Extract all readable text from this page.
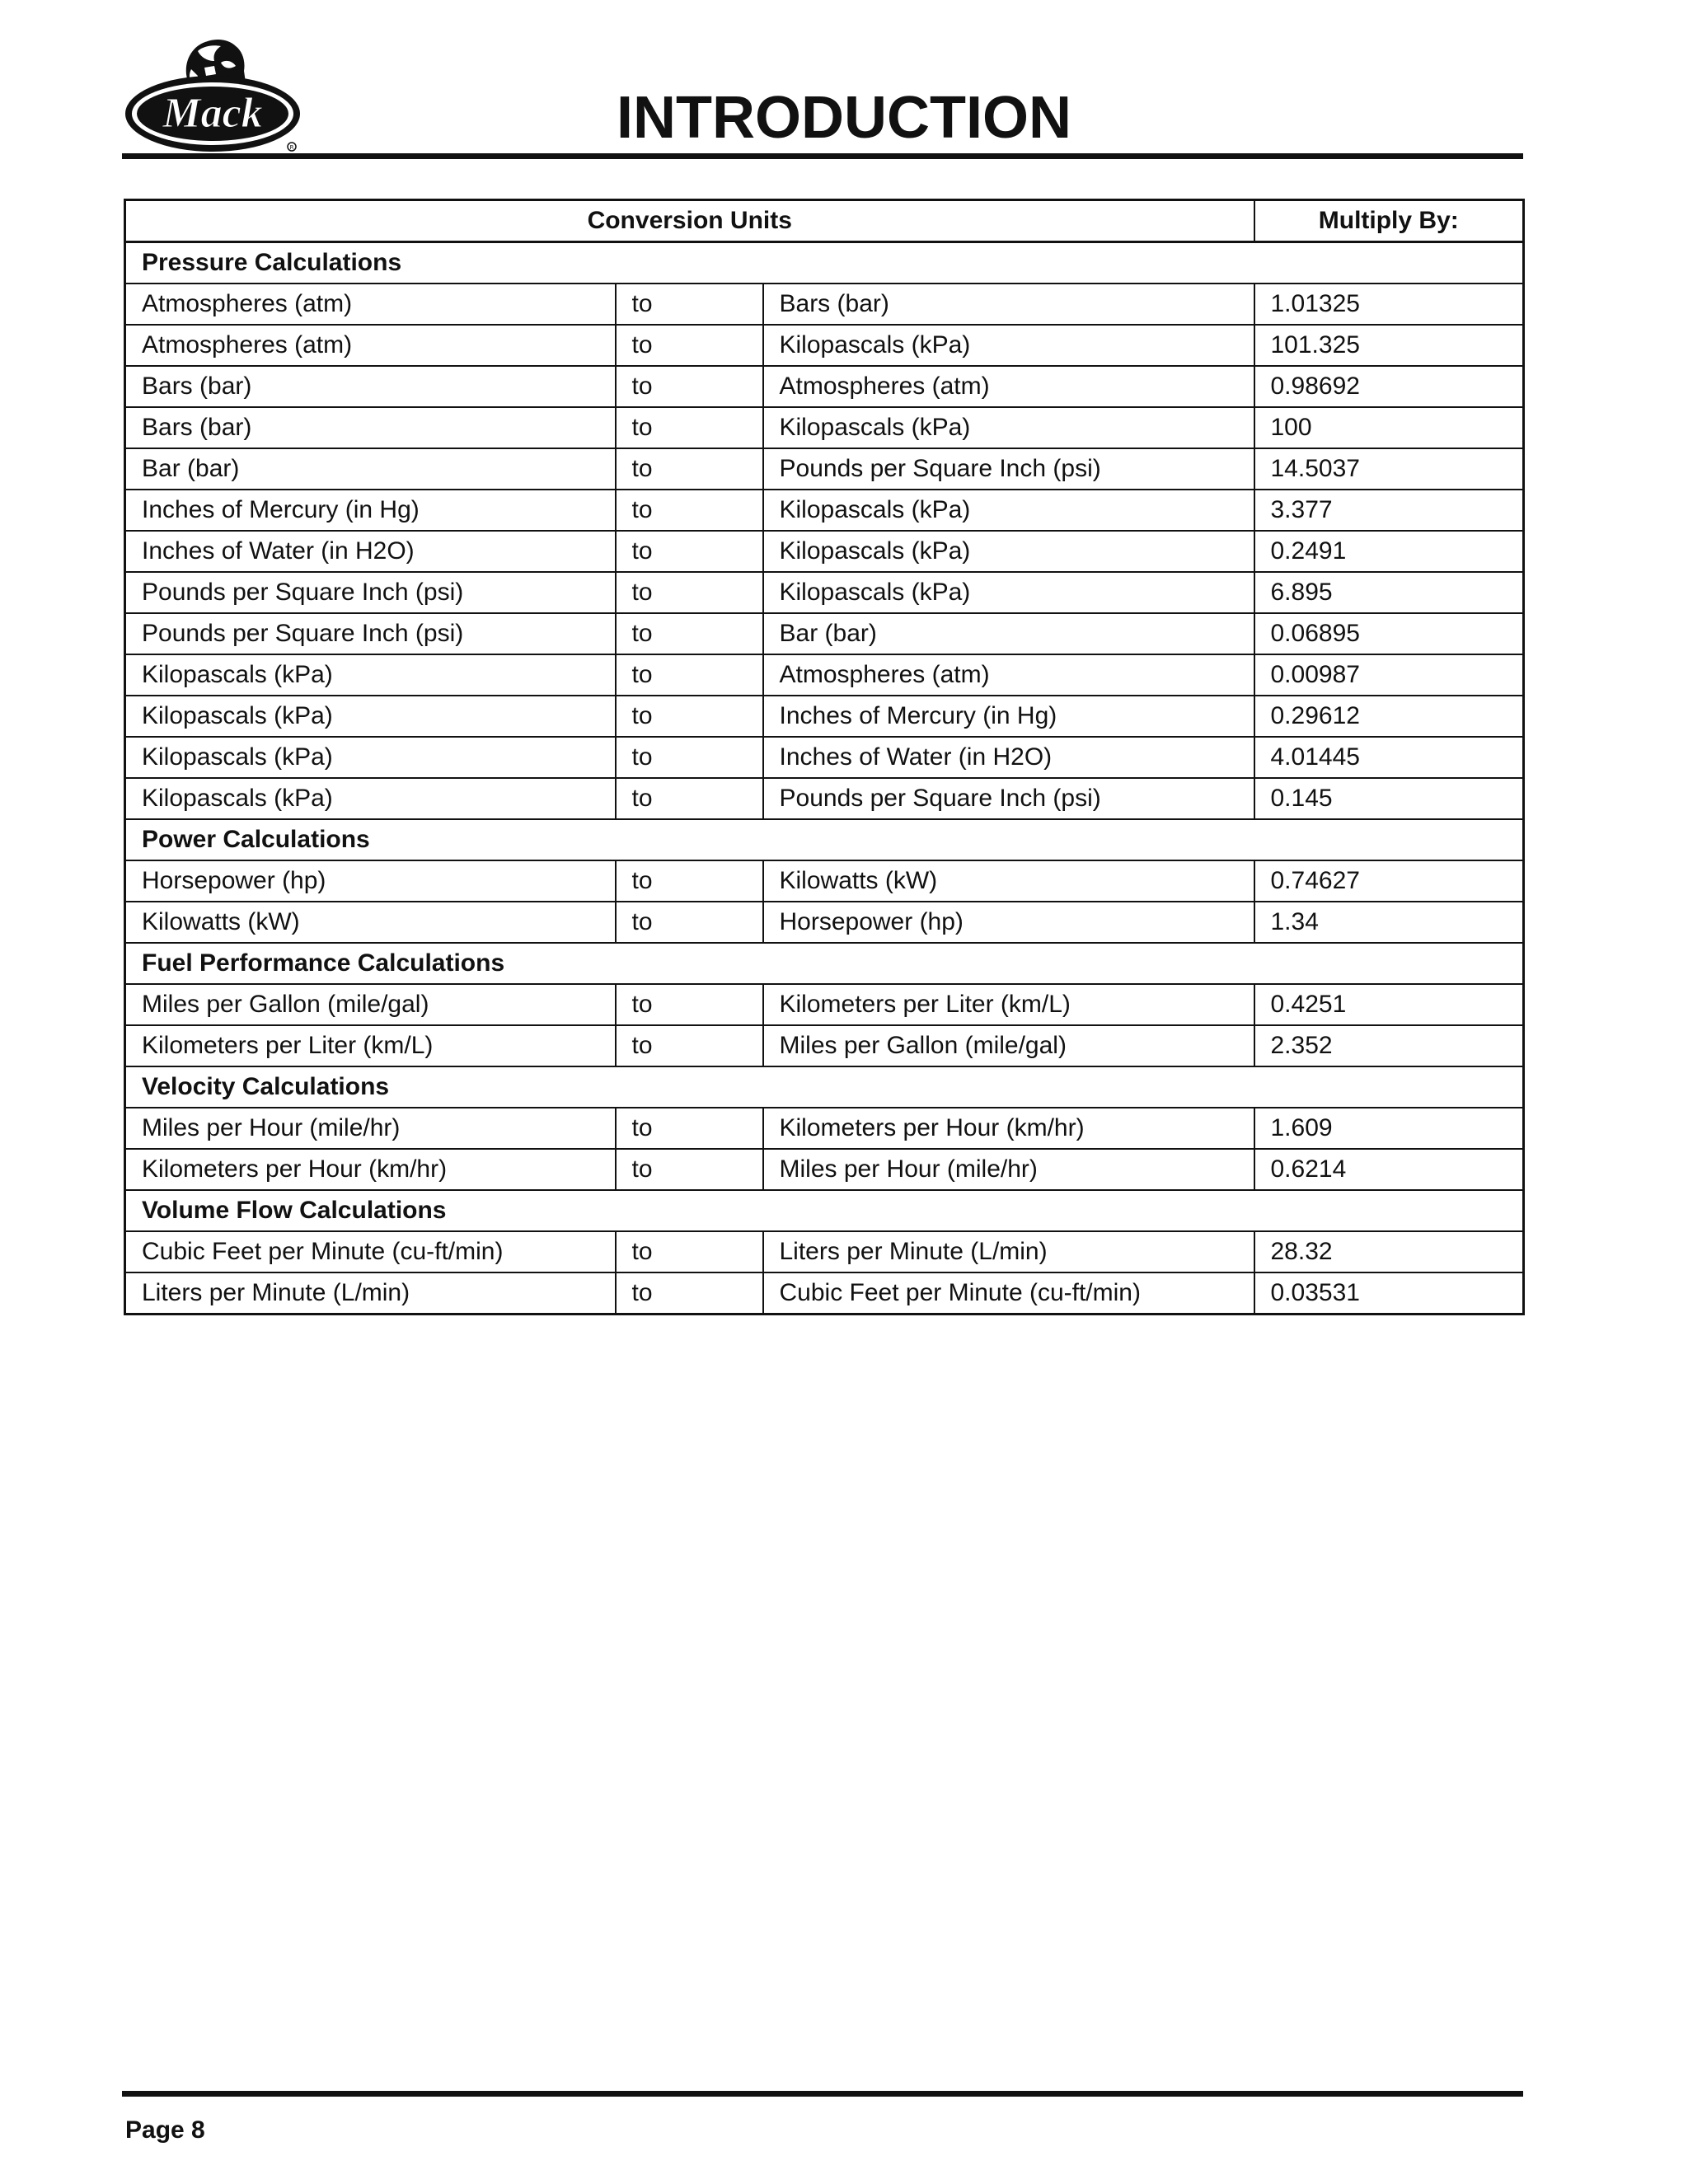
Mack
R	INTRODUCTION
Conversion Units			Multiply By:
Pressure Calculations			
Atmospheres (atm)	to	Bars (bar)	1.01325
Atmospheres (atm)	to	Kilopascals (kPa)	101.325
Bars (bar)	to	Atmospheres (atm)	0.98692
Bars (bar)	to	Kilopascals (kPa)	100
Bar (bar)	to	Pounds per Square Inch (psi)	14.5037
Inches of Mercury (in Hg)	to	Kilopascals (kPa)	3.377
Inches of Water (in H2O)	to	Kilopascals (kPa)	0.2491
Pounds per Square Inch (psi)	to	Kilopascals (kPa)	6.895
Pounds per Square Inch (psi)	to	Bar (bar)	0.06895
Kilopascals (kPa)	to	Atmospheres (atm)	0.00987
Kilopascals (kPa)	to	Inches of Mercury (in Hg)	0.29612
Kilopascals (kPa)	to	Inches of Water (in H2O)	4.01445
Kilopascals (kPa)	to	Pounds per Square Inch (psi)	0.145
Power Calculations			
Horsepower (hp)	to	Kilowatts (kW)	0.74627
Kilowatts (kW)	to	Horsepower (hp)	1.34
Fuel Performance Calculations			
Miles per Gallon (mile/gal)	to	Kilometers per Liter (km/L)	0.4251
Kilometers per Liter (km/L)	to	Miles per Gallon (mile/gal)	2.352
Velocity Calculations			
Miles per Hour (mile/hr)	to	Kilometers per Hour (km/hr)	1.609
Kilometers per Hour (km/hr)	to	Miles per Hour (mile/hr)	0.6214
Volume Flow Calculations			
Cubic Feet per Minute (cu-ft/min)	to	Liters per Minute (L/min)	28.32
Liters per Minute (L/min)	to	Cubic Feet per Minute (cu-ft/min)	0.03531
Page 8
